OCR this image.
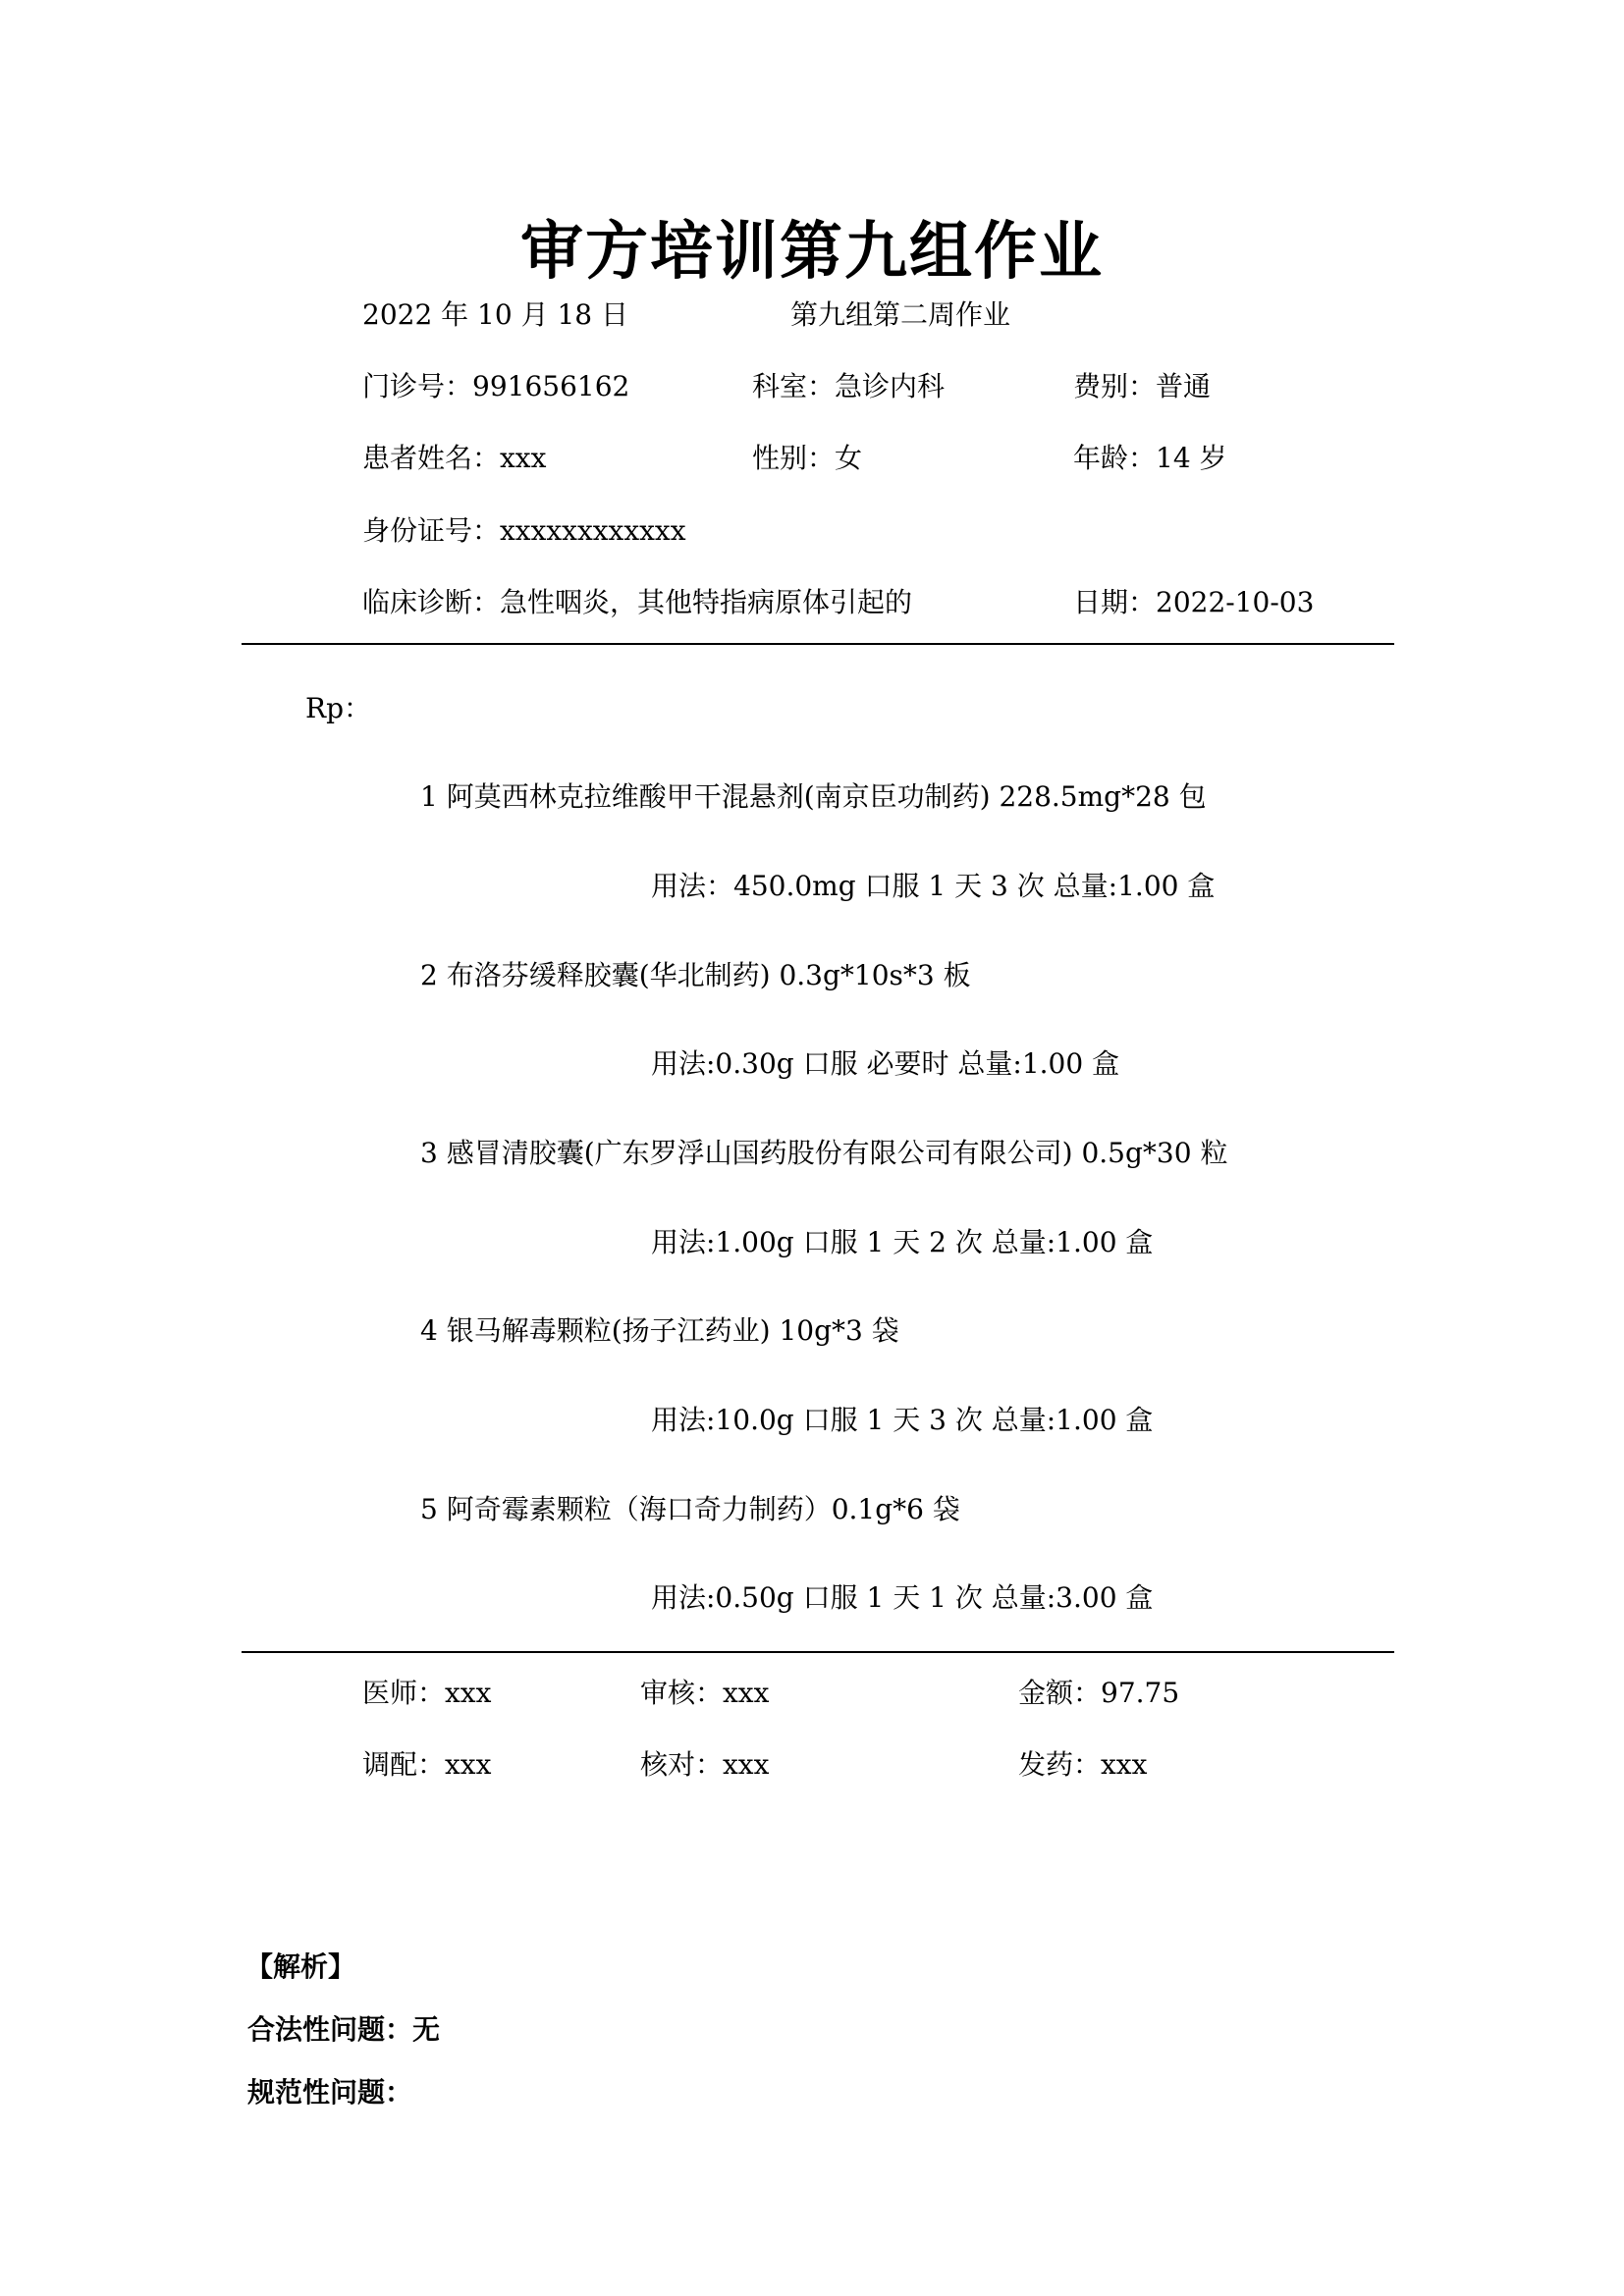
审方培训第九组作业
2022 年 10 月 18 日	第九组第二周作业
门诊号：991656162	科室：急诊内科	费别：普通
患者姓名：xxx	性别：女	年龄：14 岁
身份证号：xxxxxxxxxxxx
临床诊断：急性咽炎，其他特指病原体引起的	日期：2022-10-03
Rp：
1 阿莫西林克拉维酸甲干混悬剂(南京臣功制药) 228.5mg*28 包
用法：450.0mg 口服 1 天 3 次 总量:1.00 盒
2 布洛芬缓释胶囊(华北制药) 0.3g*10s*3 板
用法:0.30g 口服 必要时 总量:1.00 盒
3 感冒清胶囊(广东罗浮山国药股份有限公司有限公司) 0.5g*30 粒
用法:1.00g 口服 1 天 2 次 总量:1.00 盒
4 银马解毒颗粒(扬子江药业) 10g*3 袋
用法:10.0g 口服 1 天 3 次 总量:1.00 盒
5 阿奇霉素颗粒（海口奇力制药）0.1g*6 袋
用法:0.50g 口服 1 天 1 次 总量:3.00 盒
医师：xxx	审核：xxx	金额：97.75
调配：xxx	核对：xxx	发药：xxx
【解析】
合法性问题：无
规范性问题：
